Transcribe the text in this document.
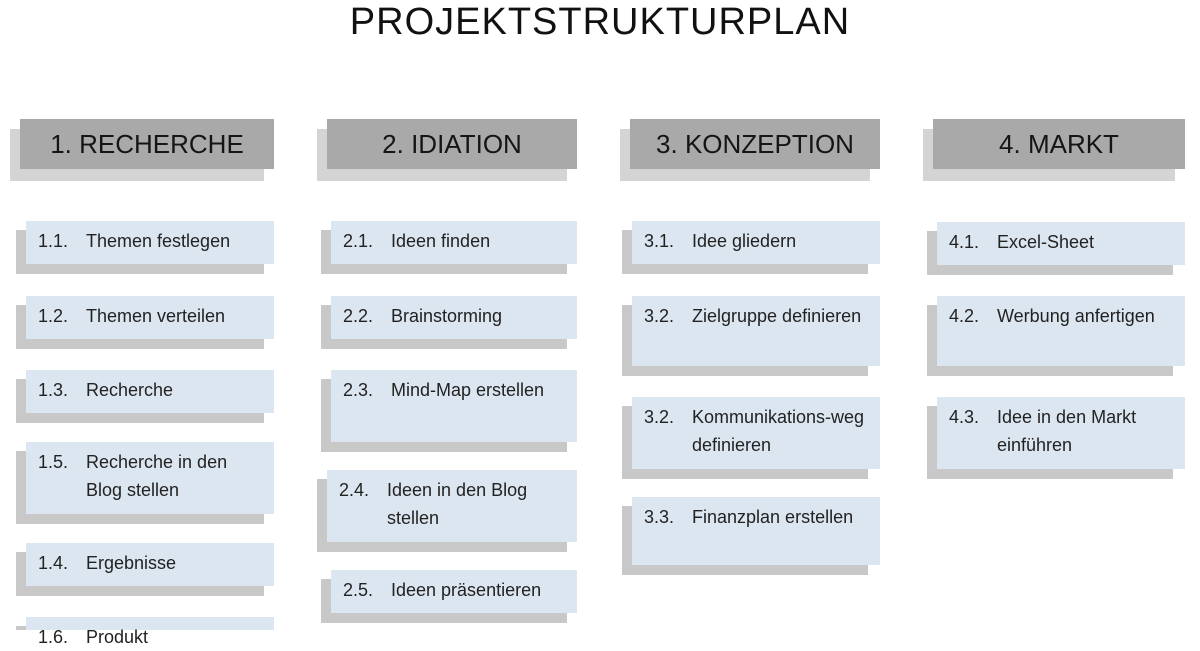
PROJEKTSTRUKTURPLAN
1. RECHERCHE
1.1. Themen festlegen
1.2. Themen verteilen
1.3. Recherche
1.5. Recherche in den Blog stellen
1.4. Ergebnisse
1.6. Produkt
2. IDIATION
2.1. Ideen finden
2.2. Brainstorming
2.3. Mind-Map erstellen
2.4. Ideen in den Blog stellen
2.5. Ideen präsentieren
3. KONZEPTION
3.1. Idee gliedern
3.2. Zielgruppe definieren
3.2. Kommunikations-weg definieren
3.3. Finanzplan erstellen
4. MARKT
4.1. Excel-Sheet
4.2. Werbung anfertigen
4.3. Idee in den Markt einführen
